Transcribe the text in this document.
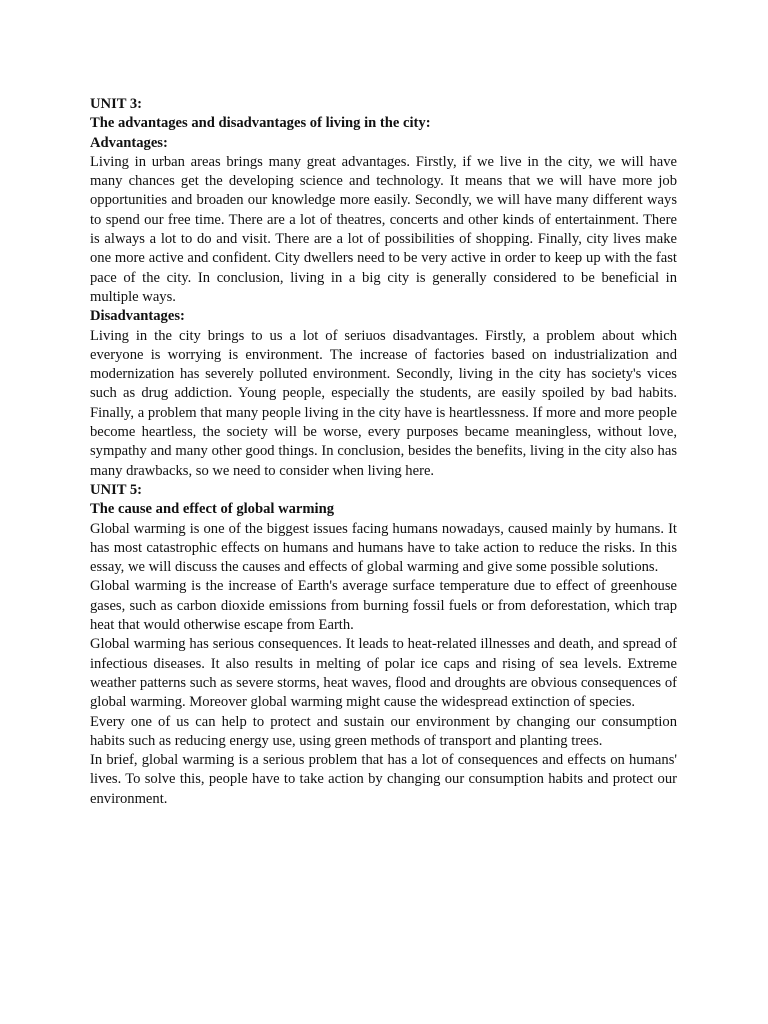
UNIT 3:

The advantages and disadvantages of living in the city:

Advantages:

Living in urban areas brings many great advantages. Firstly, if we live in the city, we will have many chances get the developing science and technology. It means that we will have more job opportunities and broaden our knowledge more easily. Secondly, we will have many different ways to spend our free time. There are a lot of theatres, concerts and other kinds of entertainment. There is always a lot to do and visit. There are a lot of possibilities of shopping. Finally, city lives make one more active and confident. City dwellers need to be very active in order to keep up with the fast pace of the city. In conclusion, living in a big city is generally considered to be beneficial in multiple ways.

Disadvantages:

Living in the city brings to us a lot of seriuos disadvantages. Firstly, a problem about which everyone is worrying is environment. The increase of factories based on industrialization and modernization has severely polluted environment. Secondly, living in the city has society's vices such as drug addiction. Young people, especially the students, are easily spoiled by bad habits. Finally, a problem that many people living in the city have is heartlessness. If more and more people become heartless, the society will be worse, every purposes became meaningless, without love, sympathy and many other good things. In conclusion, besides the benefits, living in the city also has many drawbacks, so we need to consider when living here.

UNIT 5:

The cause and effect of global warming

Global warming is one of the biggest issues facing humans nowadays, caused mainly by humans. It has most catastrophic effects on humans and humans have to take action to reduce the risks. In this essay, we will discuss the causes and effects of global warming and give some possible solutions.

Global warming is the increase of Earth's average surface temperature due to effect of greenhouse gases, such as carbon dioxide emissions from burning fossil fuels or from deforestation, which trap heat that would otherwise escape from Earth.

Global warming has serious consequences. It leads to heat-related illnesses and death, and spread of infectious diseases. It also results in melting of polar ice caps and rising of sea levels. Extreme weather patterns such as severe storms, heat waves, flood and droughts are obvious consequences of global warming. Moreover global warming might cause the widespread extinction of species.

Every one of us can help to protect and sustain our environment by changing our consumption habits such as reducing energy use, using green methods of transport and planting trees.

In brief, global warming is a serious problem that has a lot of consequences and effects on humans' lives. To solve this, people have to take action by changing our consumption habits and protect our environment.
